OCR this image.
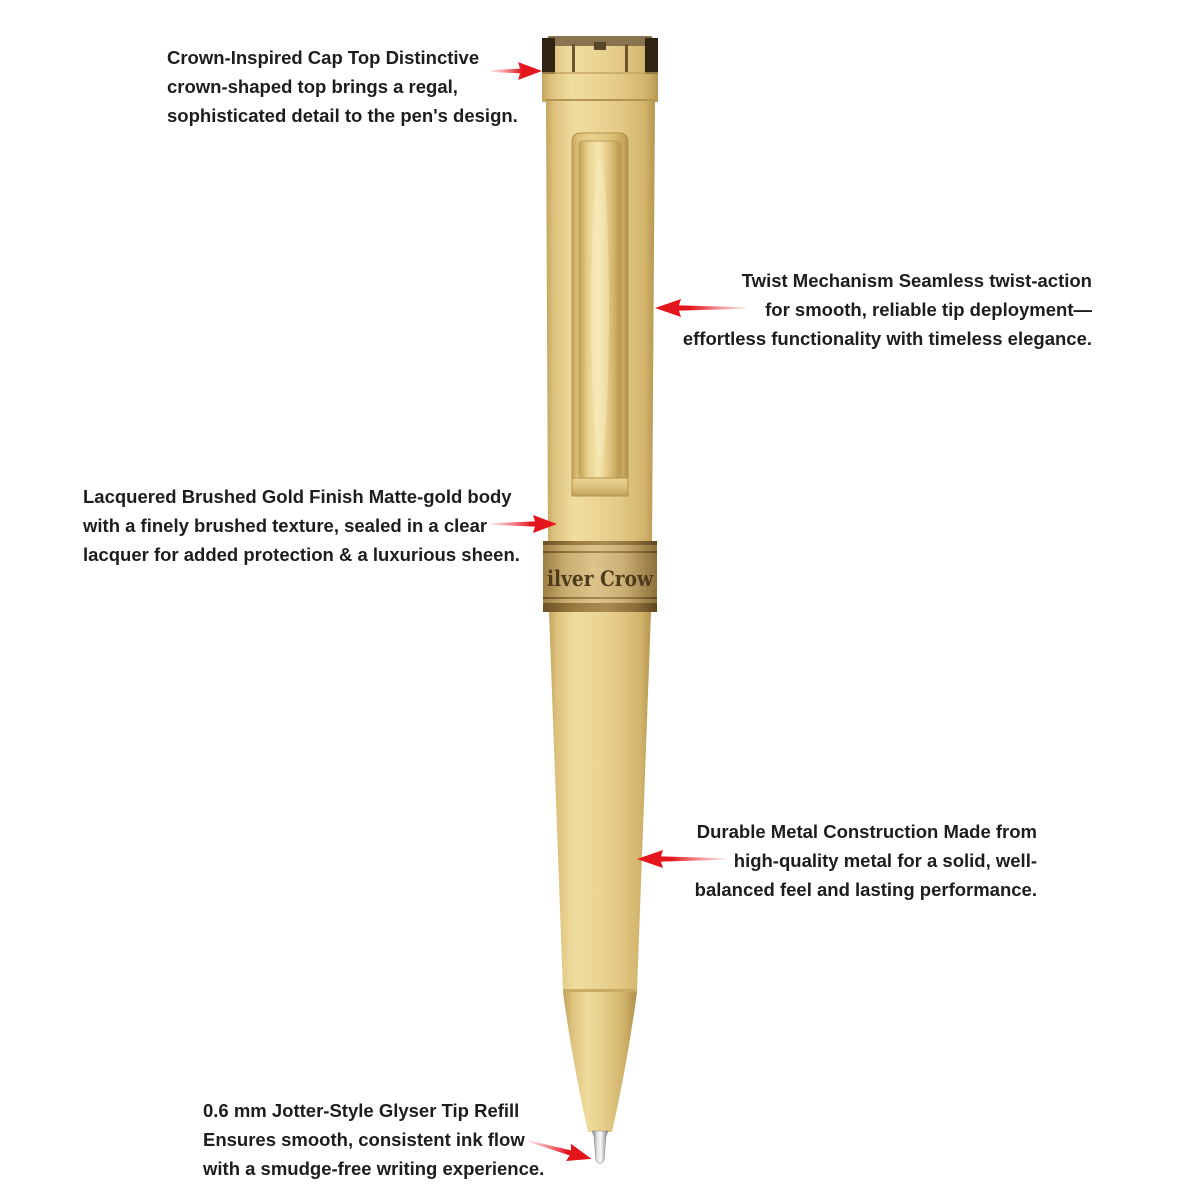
ilver Crow
Crown-Inspired Cap Top Distinctive
crown-shaped top brings a regal,
sophisticated detail to the pen's design.
Twist Mechanism Seamless twist-action
for smooth, reliable tip deployment—
effortless functionality with timeless elegance.
Lacquered Brushed Gold Finish Matte-gold body
with a finely brushed texture, sealed in a clear
lacquer for added protection & a luxurious sheen.
Durable Metal Construction Made from
high-quality metal for a solid, well-
balanced feel and lasting performance.
0.6 mm Jotter-Style Glyser Tip Refill
Ensures smooth, consistent ink flow
with a smudge-free writing experience.
